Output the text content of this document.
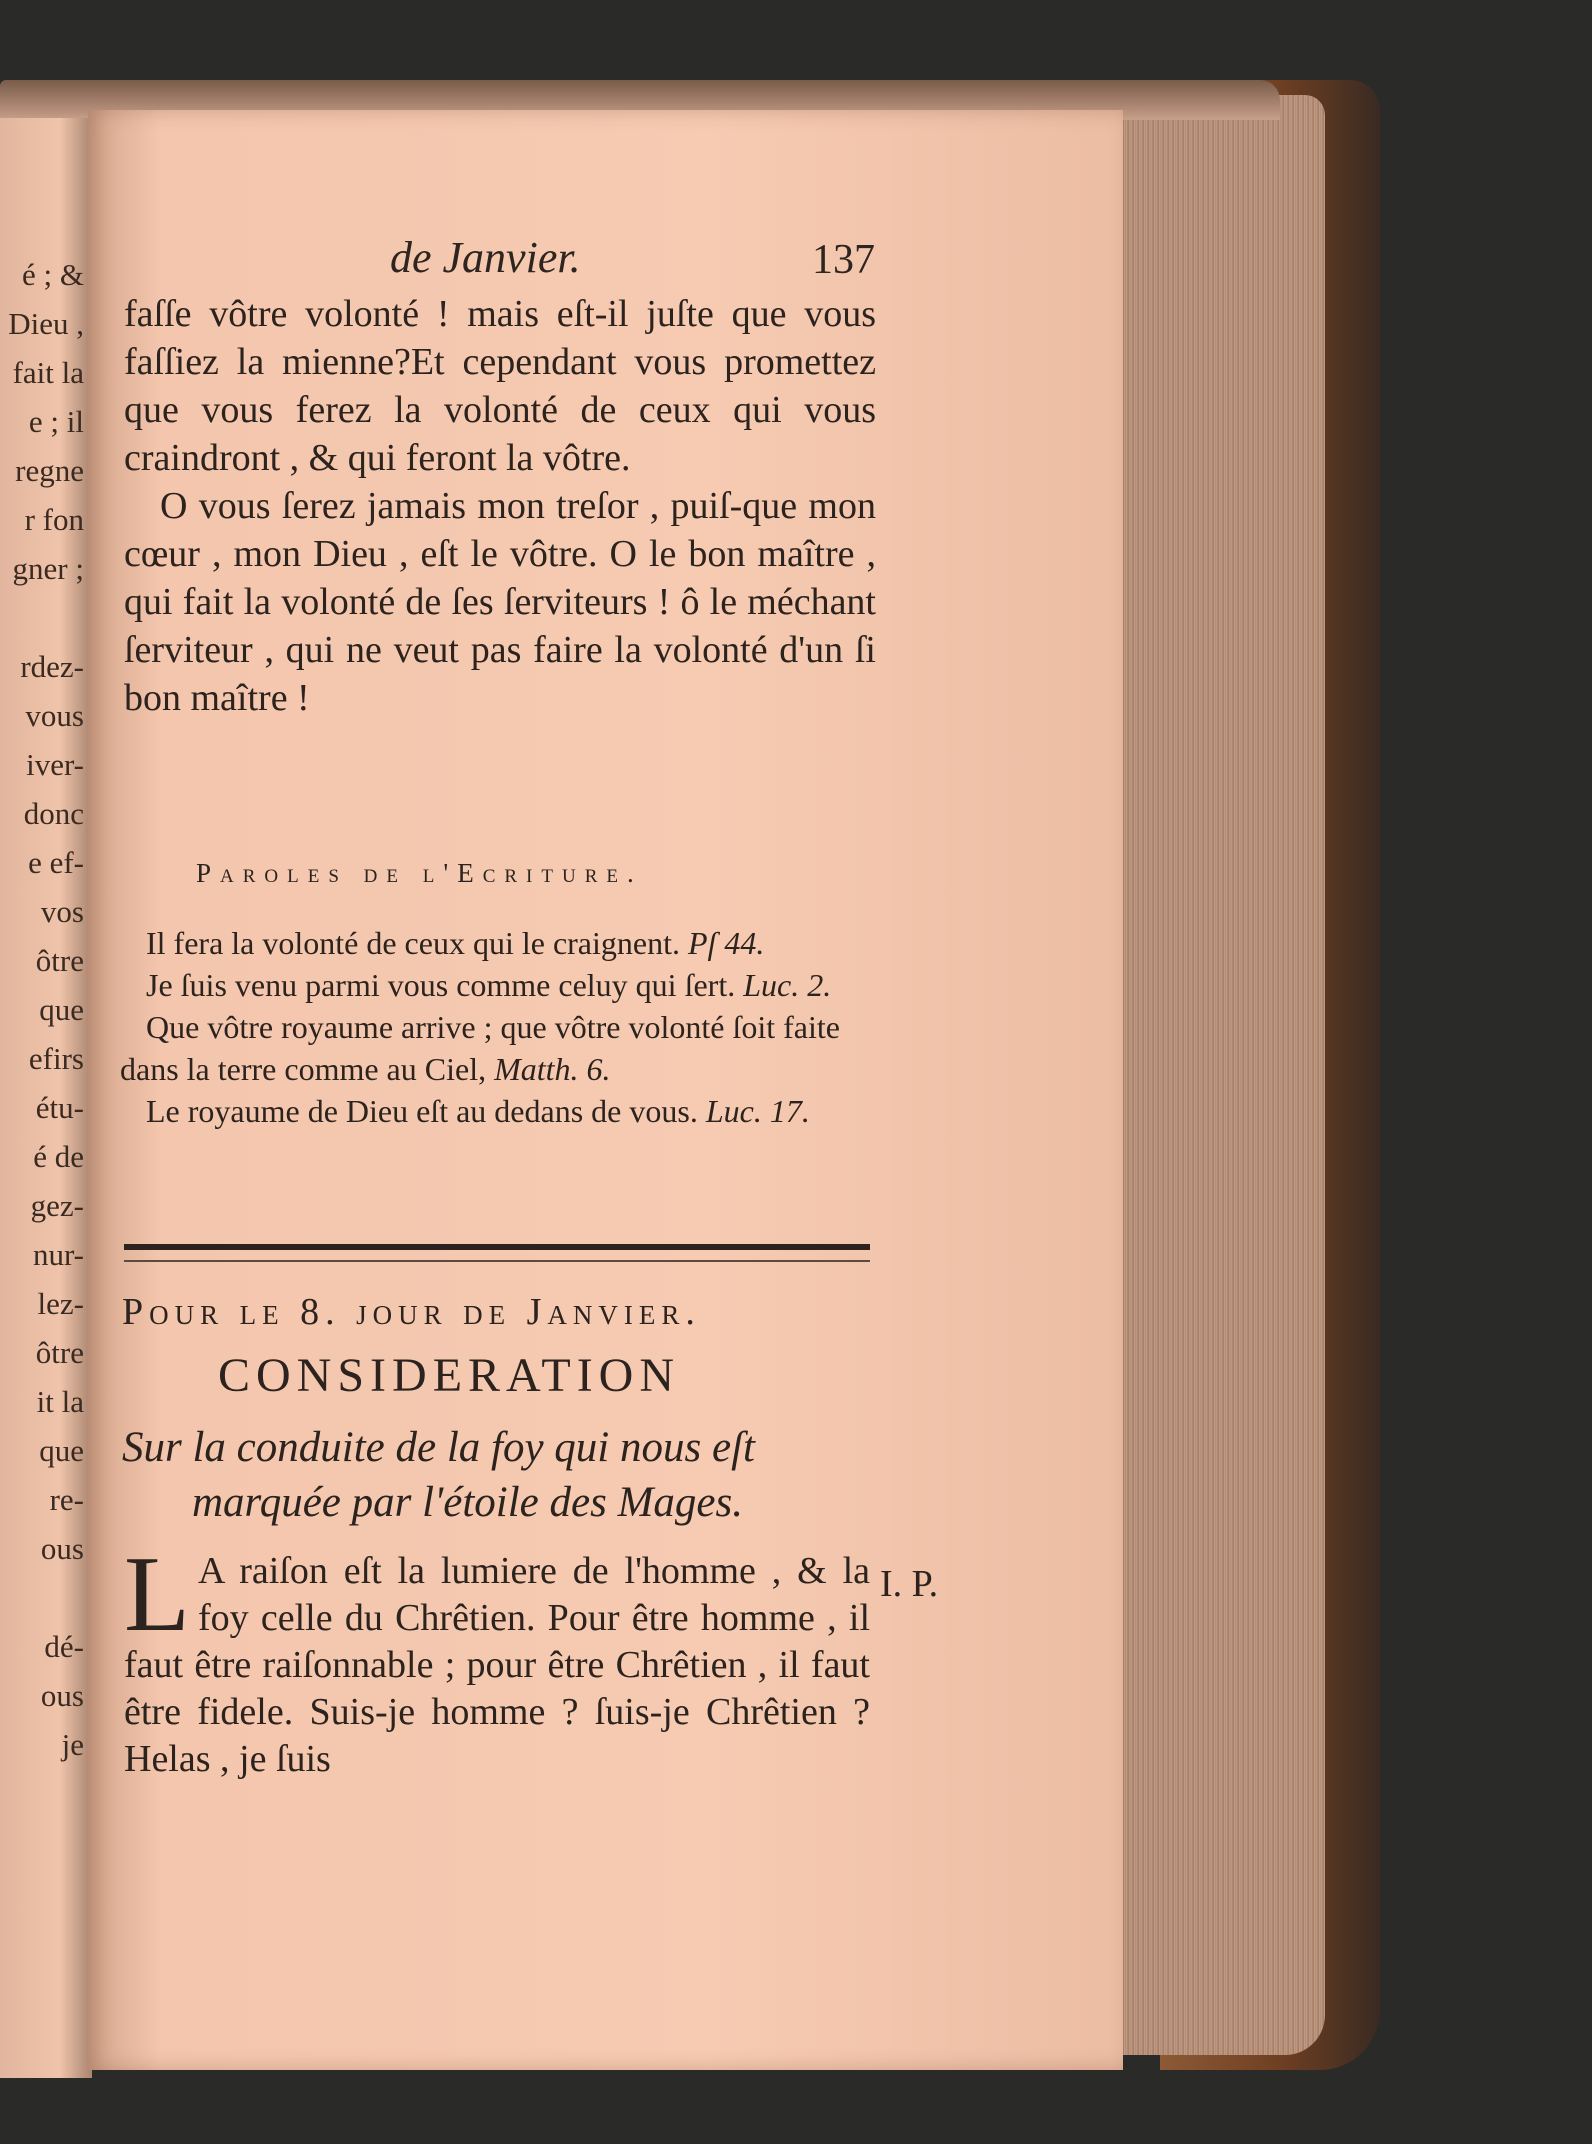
é ; &
Dieu ,
fait la
e ; il
regne
r fon
gner ;
rdez-
vous
iver-
donc
e ef-
vos
ôtre
que
efirs
étu-
é de
gez-
nur-
lez-
ôtre
it la
que
re-
ous
dé-
ous
je
de Janvier.	137

faſſe vôtre volonté ! mais eſt-il juſte que vous faſſiez la mienne?Et cependant vous promettez que vous ferez la volonté de ceux qui vous craindront , & qui feront la vôtre.

O vous ſerez jamais mon treſor , puiſ-que mon cœur , mon Dieu , eſt le vôtre. O le bon maître , qui fait la volonté de ſes ſerviteurs ! ô le méchant ſerviteur , qui ne veut pas faire la volonté d'un ſi bon maître !

Paroles de l'Ecriture.

Il fera la volonté de ceux qui le craignent. Pſ 44.

Je ſuis venu parmi vous comme celuy qui ſert. Luc. 2.

Que vôtre royaume arrive ; que vôtre volonté ſoit faite dans la terre comme au Ciel, Matth. 6.

Le royaume de Dieu eſt au dedans de vous. Luc. 17.

Pour le 8. jour de Janvier.
CONSIDERATION
Sur la conduite de la foy qui nous eſt
marquée par l'étoile des Mages.

L A raiſon eſt la lumiere de l'homme , & la foy celle du Chrêtien. Pour être homme , il faut être raiſonnable ; pour être Chrêtien , il faut être fidele. Suis-je homme ? ſuis-je Chrêtien ? Helas , je ſuis

I. P.
